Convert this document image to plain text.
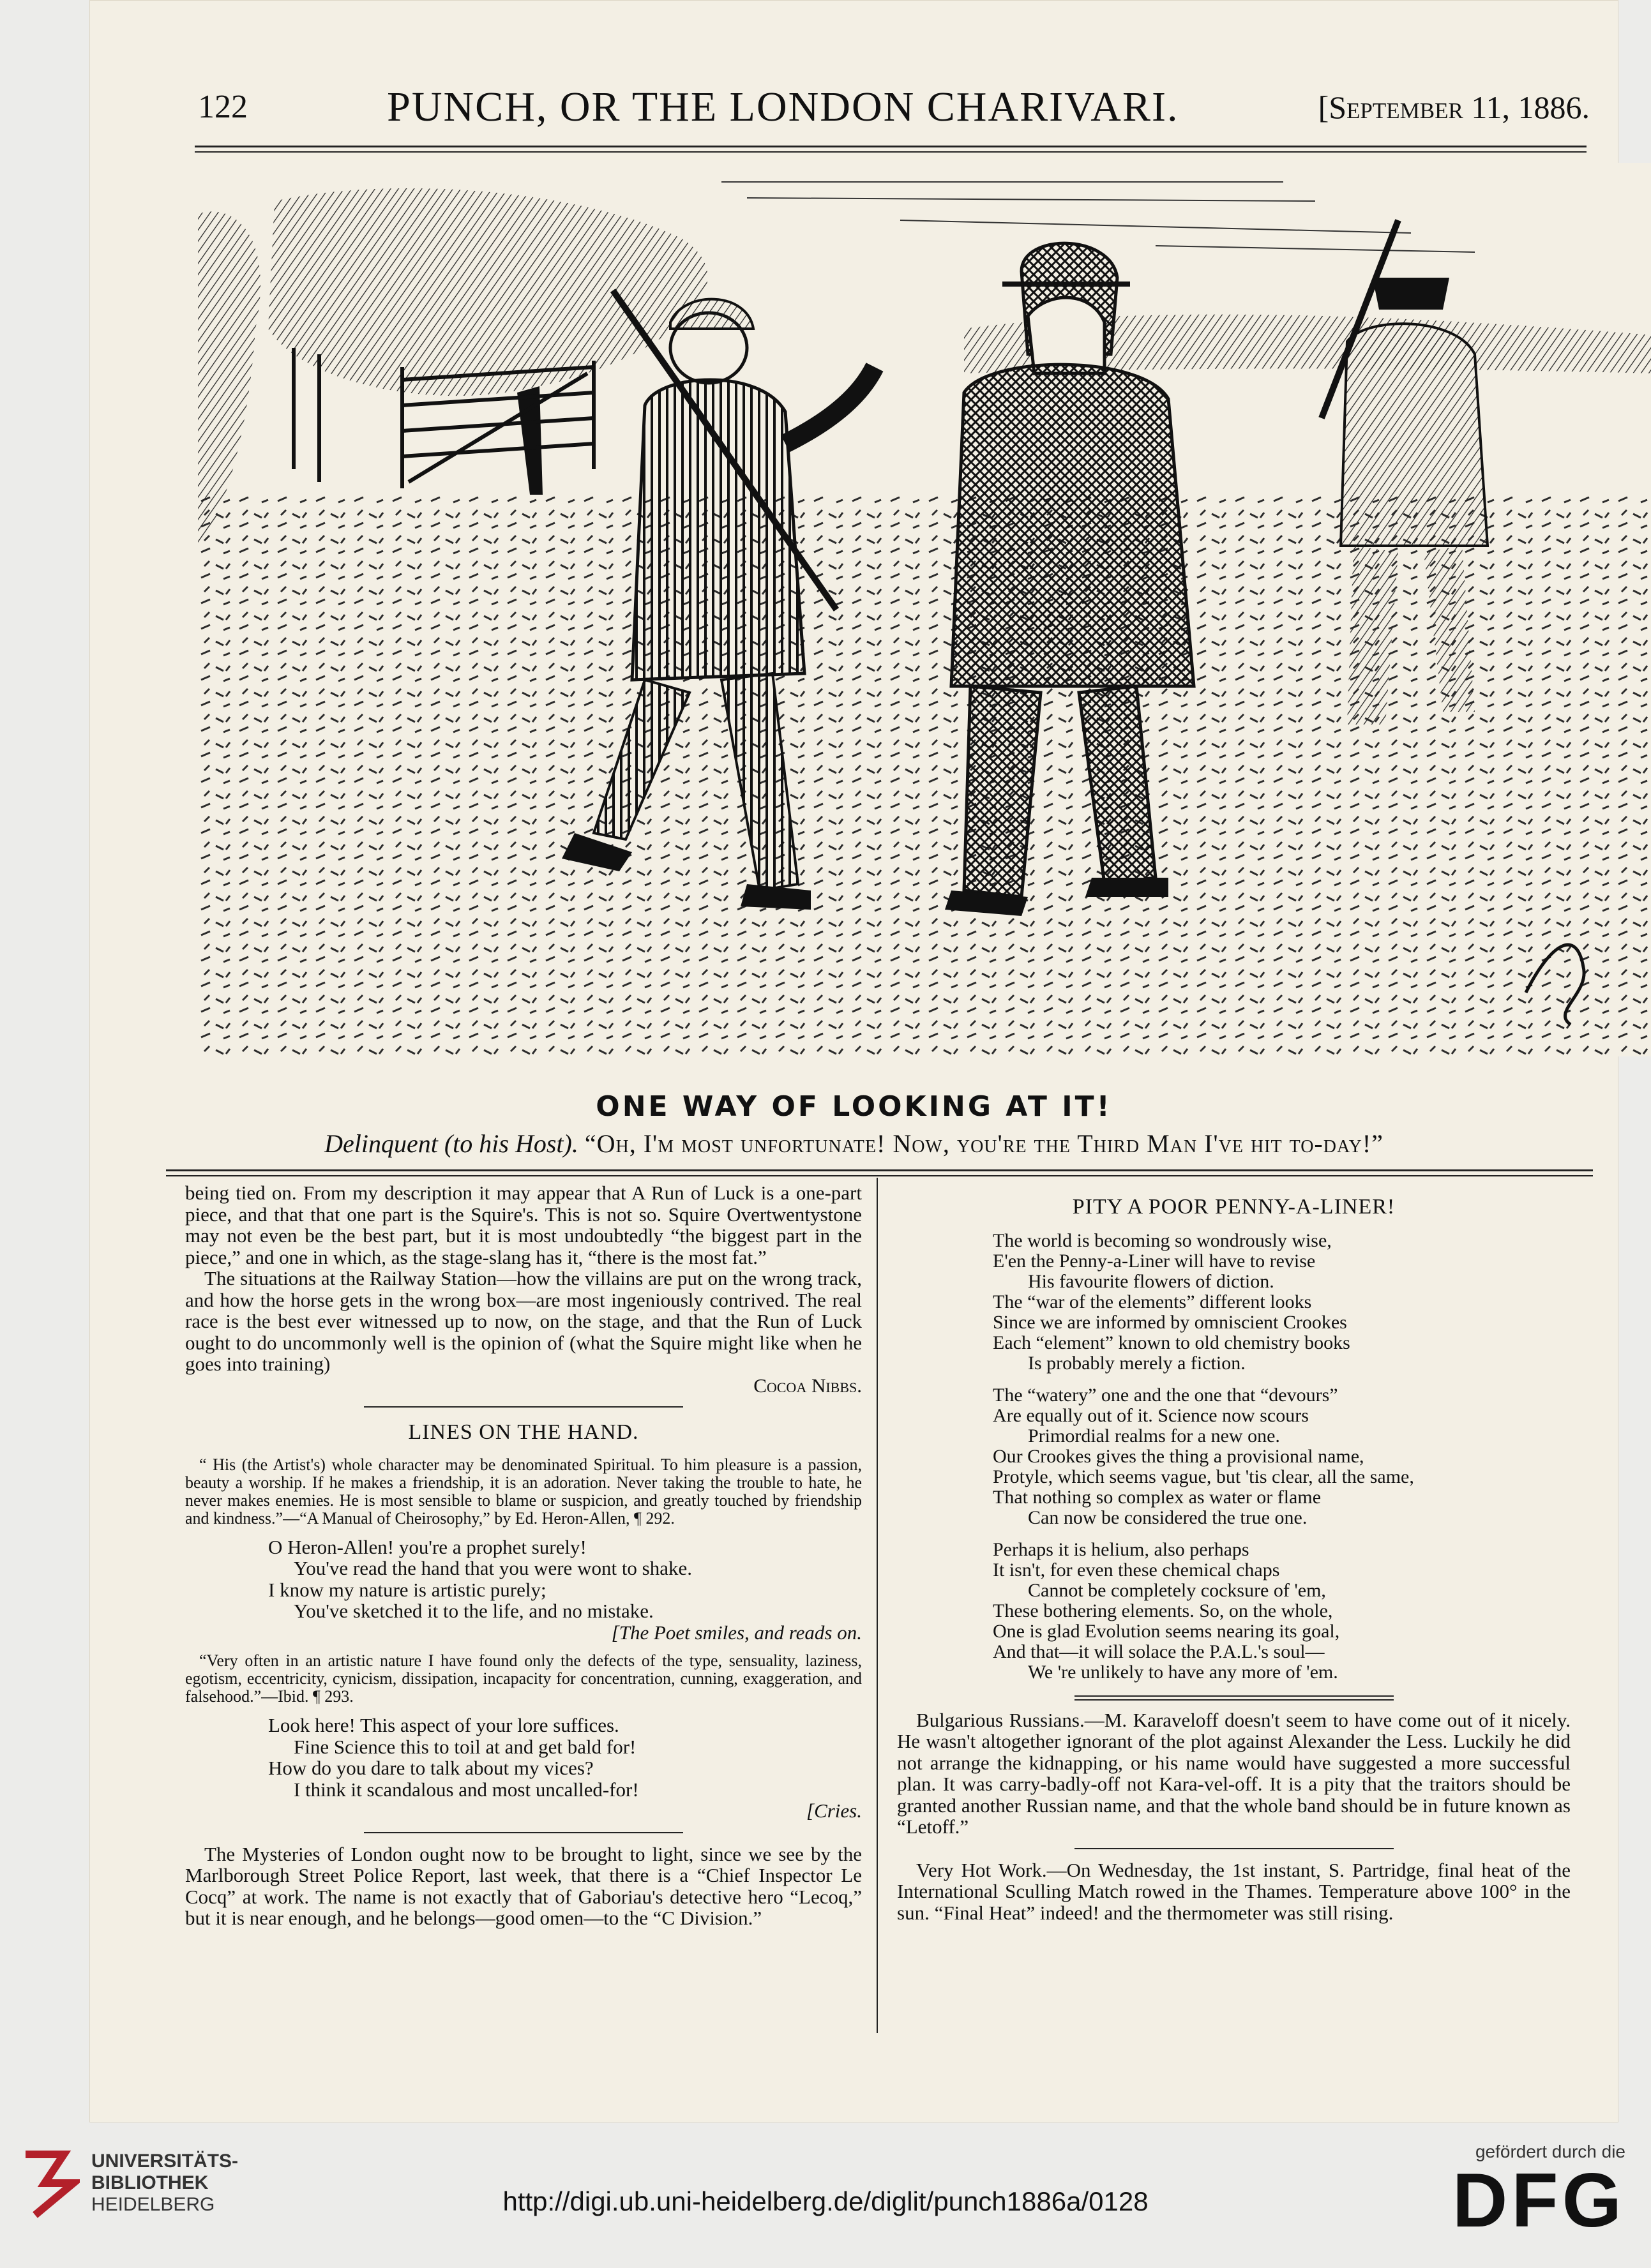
122	PUNCH, OR THE LONDON CHARIVARI.	[September 11, 1886.
ONE WAY OF LOOKING AT IT!
Delinquent (to his Host). “Oh, I'm most unfortunate! Now, you're the Third Man I've hit to-day!”

being tied on. From my description it may appear that A Run of Luck is a one-part piece, and that that one part is the Squire's. This is not so. Squire Overtwentystone may not even be the best part, but it is most undoubtedly “the biggest part in the piece,” and one in which, as the stage-slang has it, “there is the most fat.”

The situations at the Railway Station—how the villains are put on the wrong track, and how the horse gets in the wrong box—are most ingeniously contrived. The real race is the best ever witnessed up to now, on the stage, and that the Run of Luck ought to do uncommonly well is the opinion of (what the Squire might like when he goes into training)

Cocoa Nibbs.
LINES ON THE HAND.

“ His (the Artist's) whole character may be denominated Spiritual. To him pleasure is a passion, beauty a worship. If he makes a friendship, it is an adoration. Never taking the trouble to hate, he never makes enemies. He is most sensible to blame or suspicion, and greatly touched by friendship and kindness.”—“A Manual of Cheirosophy,” by Ed. Heron-Allen, ¶ 292.

O Heron-Allen! you're a prophet surely!
You've read the hand that you were wont to shake.
I know my nature is artistic purely;
You've sketched it to the life, and no mistake.
[The Poet smiles, and reads on.

“Very often in an artistic nature I have found only the defects of the type, sensuality, laziness, egotism, eccentricity, cynicism, dissipation, incapacity for concentration, cunning, exaggeration, and falsehood.”—Ibid. ¶ 293.

Look here! This aspect of your lore suffices.
Fine Science this to toil at and get bald for!
How do you dare to talk about my vices?
I think it scandalous and most uncalled-for!
[Cries.

The Mysteries of London ought now to be brought to light, since we see by the Marlborough Street Police Report, last week, that there is a “Chief Inspector Le Cocq” at work. The name is not exactly that of Gaboriau's detective hero “Lecoq,” but it is near enough, and he belongs—good omen—to the “C Division.”

PITY A POOR PENNY-A-LINER!
The world is becoming so wondrously wise,
E'en the Penny-a-Liner will have to revise
His favourite flowers of diction.
The “war of the elements” different looks
Since we are informed by omniscient Crookes
Each “element” known to old chemistry books
Is probably merely a fiction.
The “watery” one and the one that “devours”
Are equally out of it. Science now scours
Primordial realms for a new one.
Our Crookes gives the thing a provisional name,
Protyle, which seems vague, but 'tis clear, all the same,
That nothing so complex as water or flame
Can now be considered the true one.
Perhaps it is helium, also perhaps
It isn't, for even these chemical chaps
Cannot be completely cocksure of 'em,
These bothering elements. So, on the whole,
One is glad Evolution seems nearing its goal,
And that—it will solace the P.A.L.'s soul—
We 're unlikely to have any more of 'em.

Bulgarious Russians.—M. Karaveloff doesn't seem to have come out of it nicely. He wasn't altogether ignorant of the plot against Alexander the Less. Luckily he did not arrange the kidnapping, or his name would have suggested a more successful plan. It was carry-badly-off not Kara-vel-off. It is a pity that the traitors should be granted another Russian name, and that the whole band should be in future known as “Letoff.”

Very Hot Work.—On Wednesday, the 1st instant, S. Partridge, final heat of the International Sculling Match rowed in the Thames. Temperature above 100° in the sun. “Final Heat” indeed! and the thermometer was still rising.

UNIVERSITÄTS-
BIBLIOTHEK
HEIDELBERG	http://digi.ub.uni-heidelberg.de/diglit/punch1886a/0128
gefördert durch die
DFG
